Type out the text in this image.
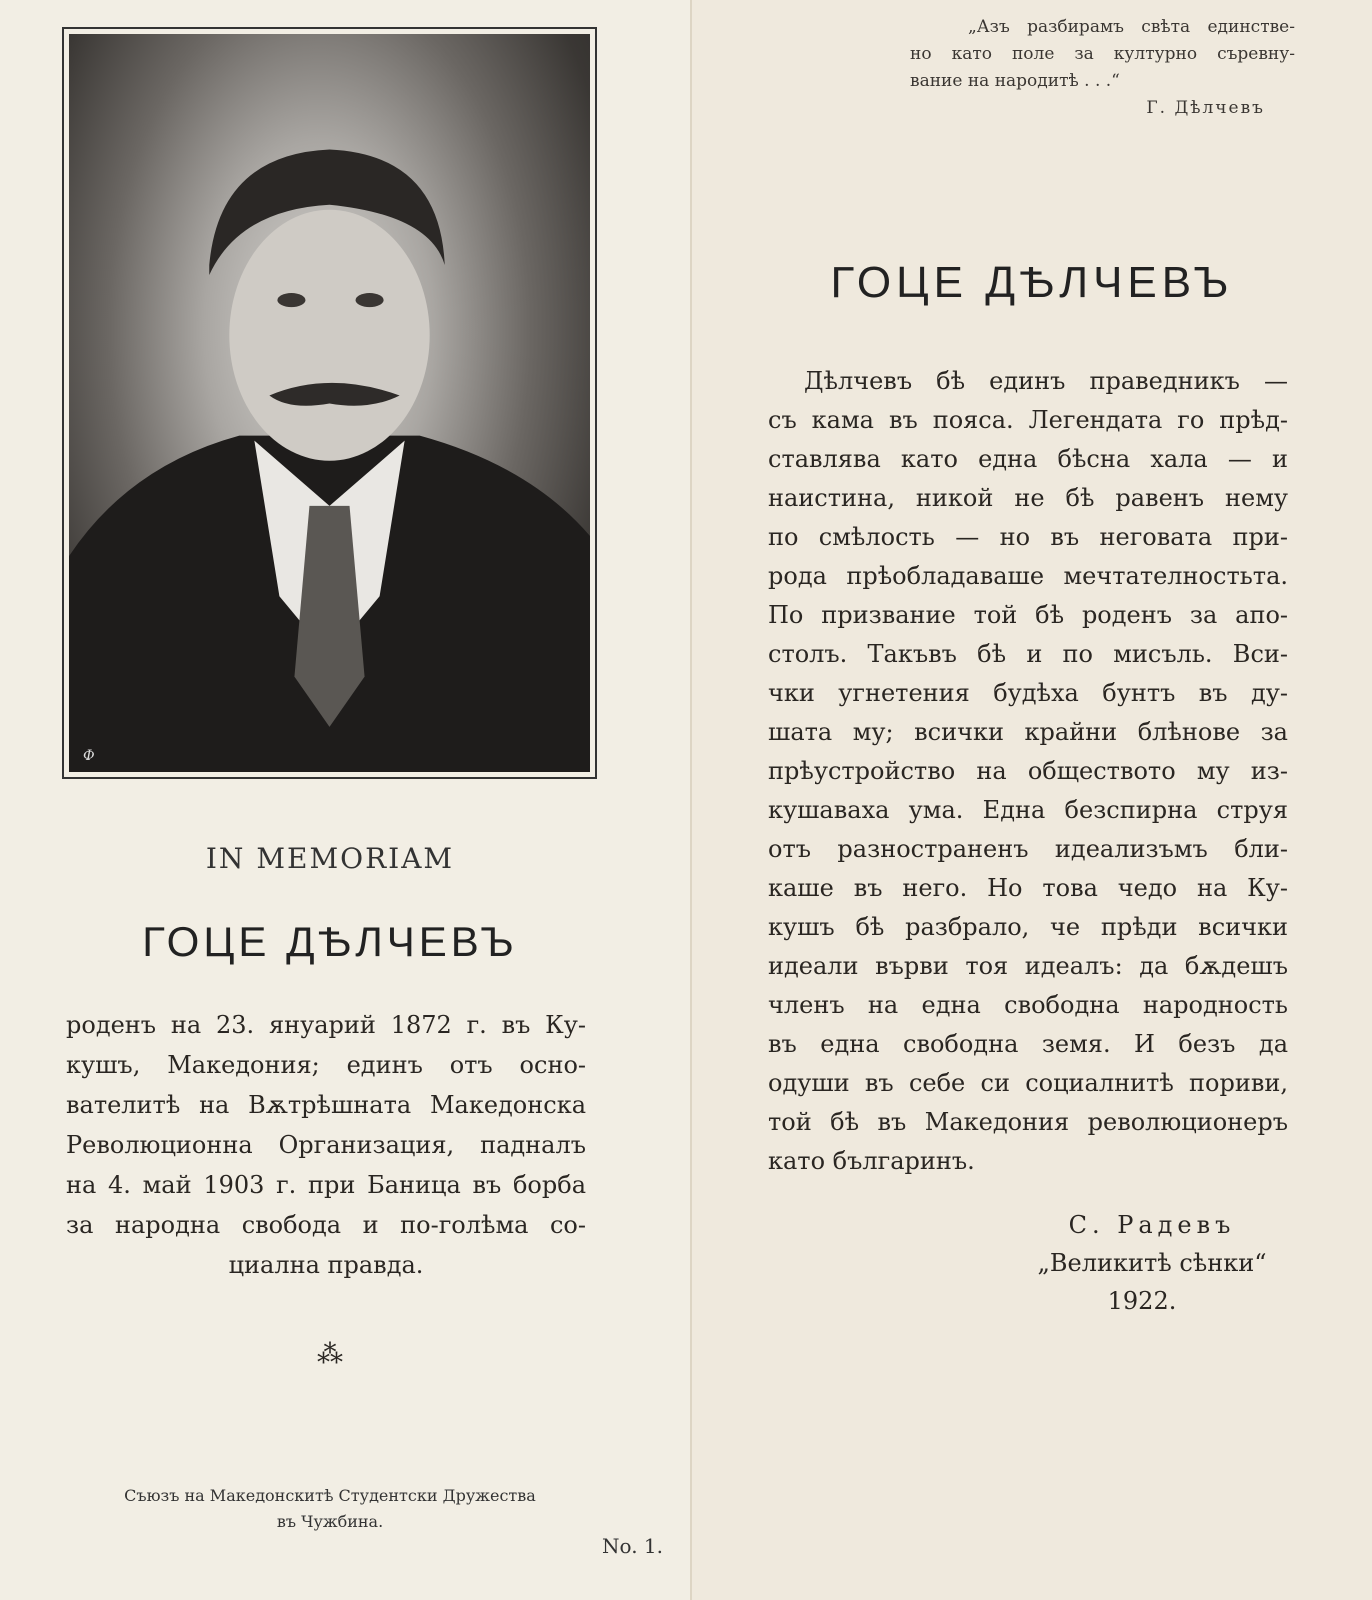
Ф
IN MEMORIAM
ГОЦЕ ДѢЛЧЕВЪ
роденъ на 23. януарий 1872 г. въ Ку-
кушъ, Македония; единъ отъ осно-
вателитѣ на Вѫтрѣшната Македонска
Революционна Организация, падналъ
на 4. май 1903 г. при Баница въ борба
за народна свобода и по-голѣма со-
циална правда.
⁂
Съюзъ на Македонскитѣ Студентски Дружества
въ Чужбина.
No. 1.
„Азъ разбирамъ свѣта единстве-
но като поле за културно съревну-
вание на народитѣ . . .“
Г. Дѣлчевъ
ГОЦЕ ДѢЛЧЕВЪ
Дѣлчевъ бѣ единъ праведникъ —
съ кама въ пояса. Легендата го прѣд-
ставлява като една бѣсна хала — и
наистина, никой не бѣ равенъ нему
по смѣлость — но въ неговата при-
рода прѣобладаваше мечтателностьта.
По призвание той бѣ роденъ за апо-
столъ. Такъвъ бѣ и по мисъль. Вси-
чки угнетения будѣха бунтъ въ ду-
шата му; всички крайни блѣнове за
прѣустройство на обществото му из-
кушаваха ума. Една безспирна струя
отъ разностраненъ идеализъмъ бли-
каше въ него. Но това чедо на Ку-
кушъ бѣ разбрало, че прѣди всички
идеали върви тоя идеалъ: да бѫдешъ
членъ на една свободна народность
въ една свободна земя. И безъ да
одуши въ себе си социалнитѣ пориви,
той бѣ въ Македония революционеръ
като българинъ.
С. Радевъ
„Великитѣ сѣнки“
1922.
